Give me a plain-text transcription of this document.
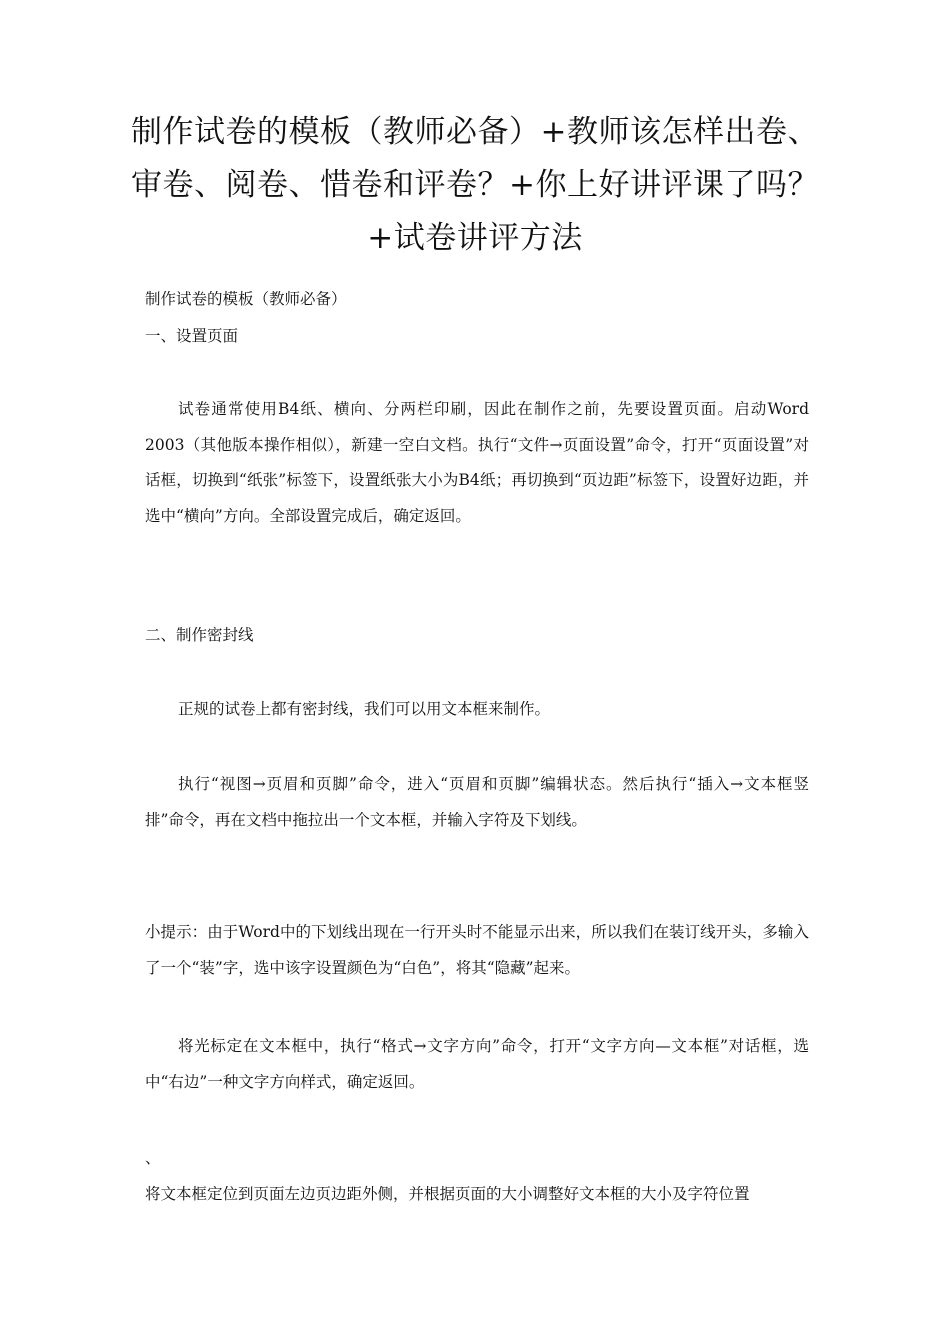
制作试卷的模板（教师必备）+教师该怎样出卷、审卷、阅卷、惜卷和评卷？+你上好讲评课了吗？+试卷讲评方法

制作试卷的模板（教师必备）

一、设置页面

试卷通常使用B4纸、横向、分两栏印刷，因此在制作之前，先要设置页面。启动Word 2003（其他版本操作相似），新建一空白文档。执行“文件→页面设置”命令，打开“页面设置”对话框，切换到“纸张”标签下，设置纸张大小为B4纸；再切换到“页边距”标签下，设置好边距，并选中“横向”方向。全部设置完成后，确定返回。

二、制作密封线

正规的试卷上都有密封线，我们可以用文本框来制作。

执行“视图→页眉和页脚”命令，进入“页眉和页脚”编辑状态。然后执行“插入→文本框竖排”命令，再在文档中拖拉出一个文本框，并输入字符及下划线。

小提示：由于Word中的下划线出现在一行开头时不能显示出来，所以我们在装订线开头，多输入了一个“装”字，选中该字设置颜色为“白色”，将其“隐藏”起来。

将光标定在文本框中，执行“格式→文字方向”命令，打开“文字方向—文本框”对话框，选中“右边”一种文字方向样式，确定返回。

、

将文本框定位到页面左边页边距外侧，并根据页面的大小调整好文本框的大小及字符位置
